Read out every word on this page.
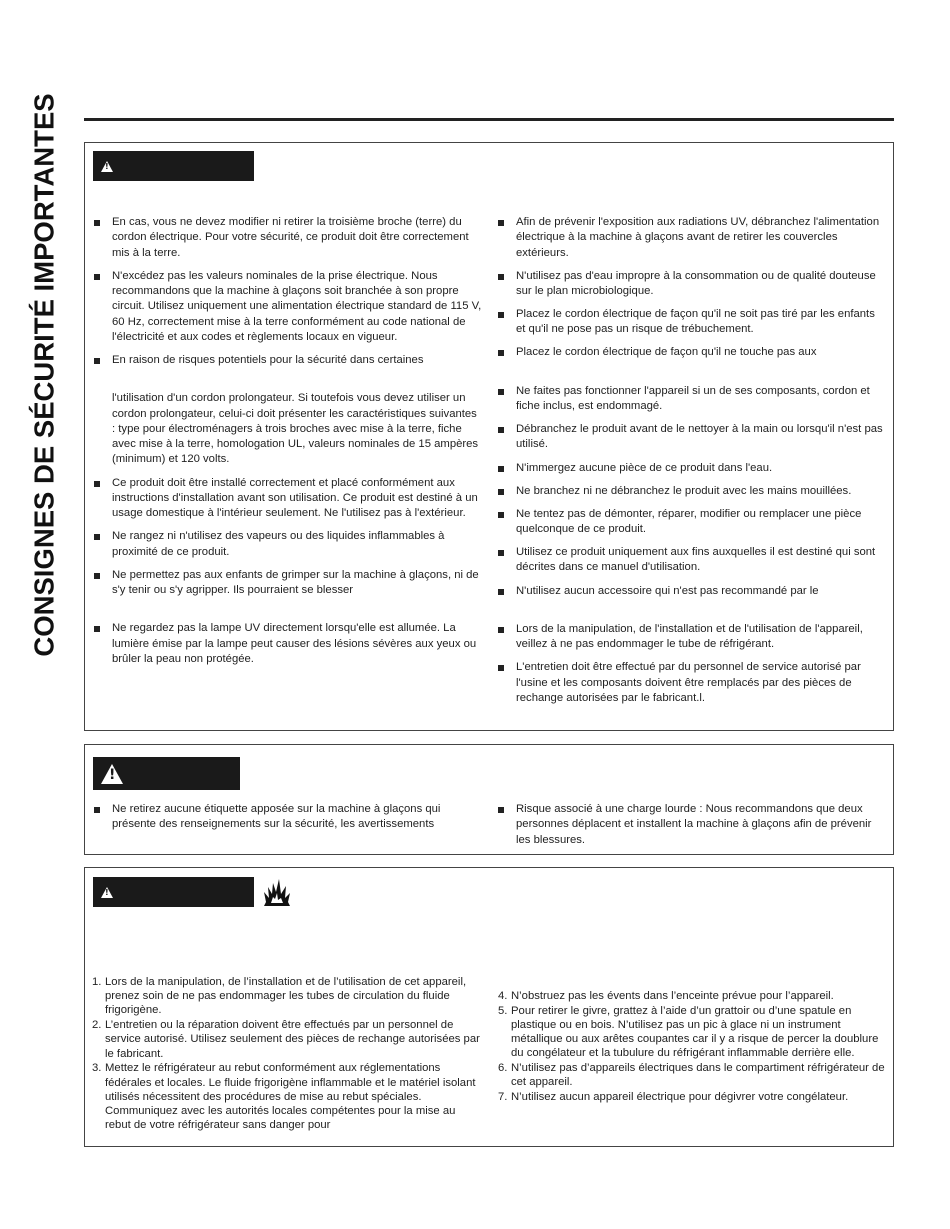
CONSIGNES DE SÉCURITÉ IMPORTANTES
!	En cas, vous ne devez modifier ni retirer la troisième broche (terre) du cordon électrique. Pour votre sécurité, ce produit doit être correctement mis à la terre.
N'excédez pas les valeurs nominales de la prise électrique. Nous recommandons que la machine à glaçons soit branchée à son propre circuit. Utilisez uniquement une alimentation électrique standard de 115 V, 60 Hz, correctement mise à la terre conformément au code national de l'électricité et aux codes et règlements locaux en vigueur.
En raison de risques potentiels pour la sécurité dans certaines
l'utilisation d'un cordon prolongateur. Si toutefois vous devez utiliser un cordon prolongateur, celui-ci doit présenter les caractéristiques suivantes : type pour électroménagers à trois broches avec mise à la terre, fiche avec mise à la terre, homologation UL, valeurs nominales de 15 ampères (minimum) et 120 volts.
Ce produit doit être installé correctement et placé conformément aux instructions d'installation avant son utilisation. Ce produit est destiné à un usage domestique à l'intérieur seulement. Ne l'utilisez pas à l'extérieur.
Ne rangez ni n'utilisez des vapeurs ou des liquides inflammables à proximité de ce produit.
Ne permettez pas aux enfants de grimper sur la machine à glaçons, ni de s'y tenir ou s'y agripper. Ils pourraient se blesser
Ne regardez pas la lampe UV directement lorsqu'elle est allumée. La lumière émise par la lampe peut causer des lésions sévères aux yeux ou brûler la peau non protégée.
Afin de prévenir l'exposition aux radiations UV, débranchez l'alimentation électrique à la machine à glaçons avant de retirer les couvercles extérieurs.
N'utilisez pas d'eau impropre à la consommation ou de qualité douteuse sur le plan microbiologique.
Placez le cordon électrique de façon qu'il ne soit pas tiré par les enfants et qu'il ne pose pas un risque de trébuchement.
Placez le cordon électrique de façon qu'il ne touche pas aux
Ne faites pas fonctionner l'appareil si un de ses composants, cordon et fiche inclus, est endommagé.
Débranchez le produit avant de le nettoyer à la main ou lorsqu'il n'est pas utilisé.
N'immergez aucune pièce de ce produit dans l'eau.
Ne branchez ni ne débranchez le produit avec les mains mouillées.
Ne tentez pas de démonter, réparer, modifier ou remplacer une pièce quelconque de ce produit.
Utilisez ce produit uniquement aux fins auxquelles il est destiné qui sont décrites dans ce manuel d'utilisation.
N'utilisez aucun accessoire qui n'est pas recommandé par le
Lors de la manipulation, de l'installation et de l'utilisation de l'appareil, veillez à ne pas endommager le tube de réfrigérant.
L'entretien doit être effectué par du personnel de service autorisé par l'usine et les composants doivent être remplacés par des pièces de rechange autorisées par le fabricant.l.
!
Ne retirez aucune étiquette apposée sur la machine à glaçons qui présente des renseignements sur la sécurité, les avertissements
Risque associé à une charge lourde : Nous recommandons que deux personnes déplacent et installent la machine à glaçons afin de prévenir les blessures.
!
1. Lors de la manipulation, de l’installation et de l’utilisation de cet appareil, prenez soin de ne pas endommager les tubes de circulation du fluide frigorigène.
2. L’entretien ou la réparation doivent être effectués par un personnel de service autorisé. Utilisez seulement des pièces de rechange autorisées par le fabricant.
3. Mettez le réfrigérateur au rebut conformément aux réglementations fédérales et locales. Le fluide frigorigène inflammable et le matériel isolant utilisés nécessitent des procédures de mise au rebut spéciales. Communiquez avec les autorités locales compétentes pour la mise au rebut de votre réfrigérateur sans danger pour
4. N’obstruez pas les évents dans l’enceinte prévue pour l’appareil.
5. Pour retirer le givre, grattez à l’aide d’un grattoir ou d’une spatule en plastique ou en bois. N’utilisez pas un pic à glace ni un instrument métallique ou aux arêtes coupantes car il y a risque de percer la doublure du congélateur et la tubulure du réfrigérant inflammable derrière elle.
6. N’utilisez pas d’appareils électriques dans le compartiment réfrigérateur de cet appareil.
7. N’utilisez aucun appareil électrique pour dégivrer votre congélateur.
